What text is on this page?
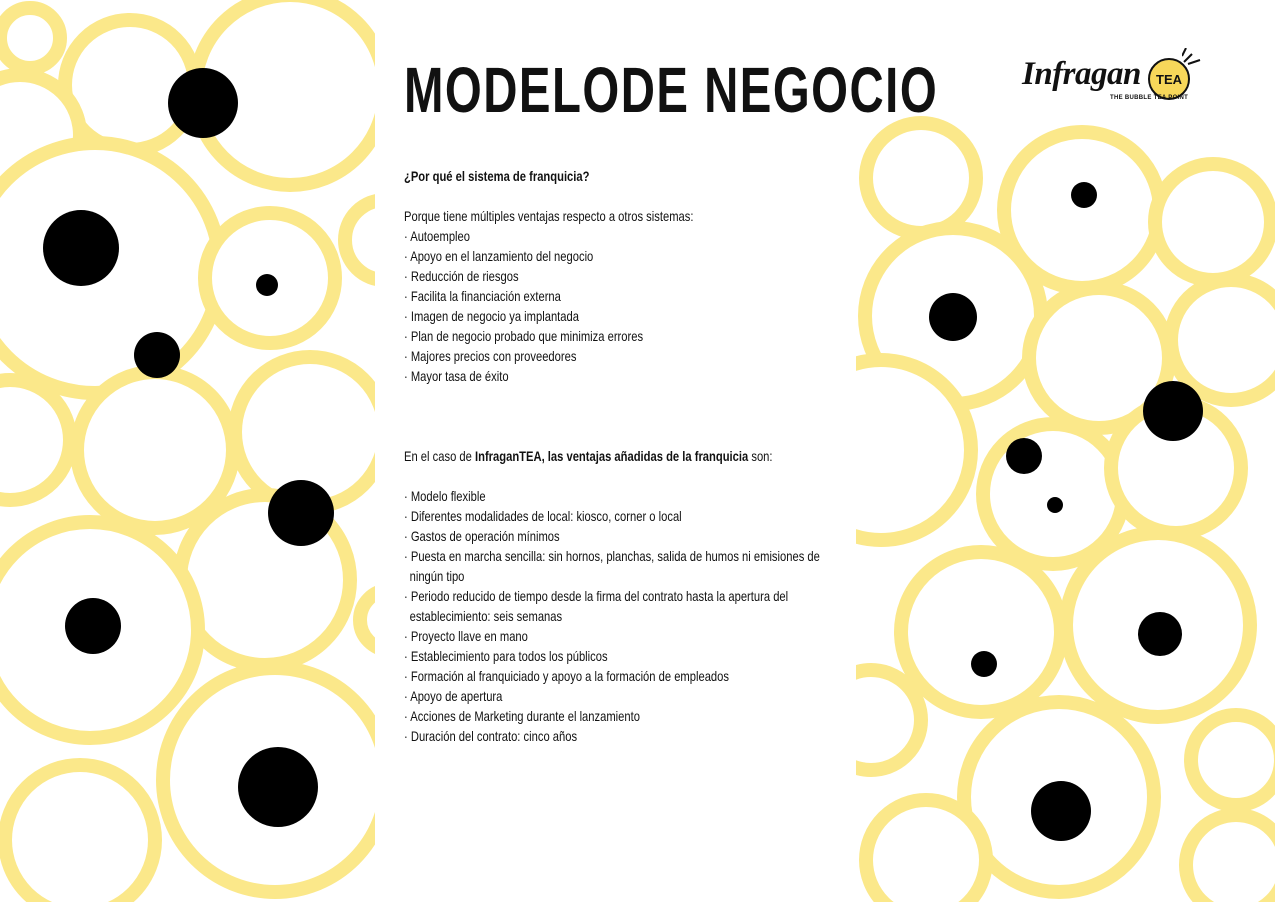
MODELODE NEGOCIO	Infragan	TEA
THE BUBBLE TEA POINT

¿Por qué el sistema de franquicia?

Porque tiene múltiples ventajas respecto a otros sistemas:

· Autoempleo
· Apoyo en el lanzamiento del negocio
· Reducción de riesgos
· Facilita la financiación externa
· Imagen de negocio ya implantada
· Plan de negocio probado que minimiza errores
· Majores precios con proveedores
· Mayor tasa de éxito

En el caso de InfraganTEA, las ventajas añadidas de la franquicia son:

· Modelo flexible
· Diferentes modalidades de local: kiosco, corner o local
· Gastos de operación mínimos
· Puesta en marcha sencilla: sin hornos, planchas, salida de humos ni emisiones de ningún tipo
· Periodo reducido de tiempo desde la firma del contrato hasta la apertura del establecimiento: seis semanas
· Proyecto llave en mano
· Establecimiento para todos los públicos
· Formación al franquiciado y apoyo a la formación de empleados
· Apoyo de apertura
· Acciones de Marketing durante el lanzamiento
· Duración del contrato: cinco años
